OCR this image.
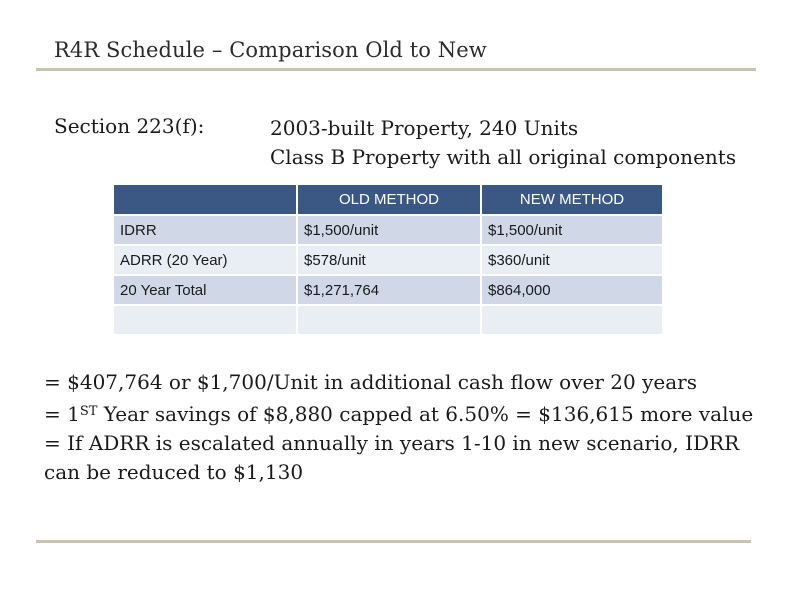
R4R Schedule – Comparison Old to New
Section 223(f):	2003-built Property, 240 Units
Class B Property with all original components
	OLD METHOD	NEW METHOD
IDRR	$1,500/unit	$1,500/unit
ADRR (20 Year)	$578/unit	$360/unit
20 Year Total	$1,271,764	$864,000

= $407,764 or $1,700/Unit in additional cash flow over 20 years
= 1ST Year savings of $8,880 capped at 6.50% = $136,615 more value
= If ADRR is escalated annually in years 1-10 in new scenario, IDRR
can be reduced to $1,130
